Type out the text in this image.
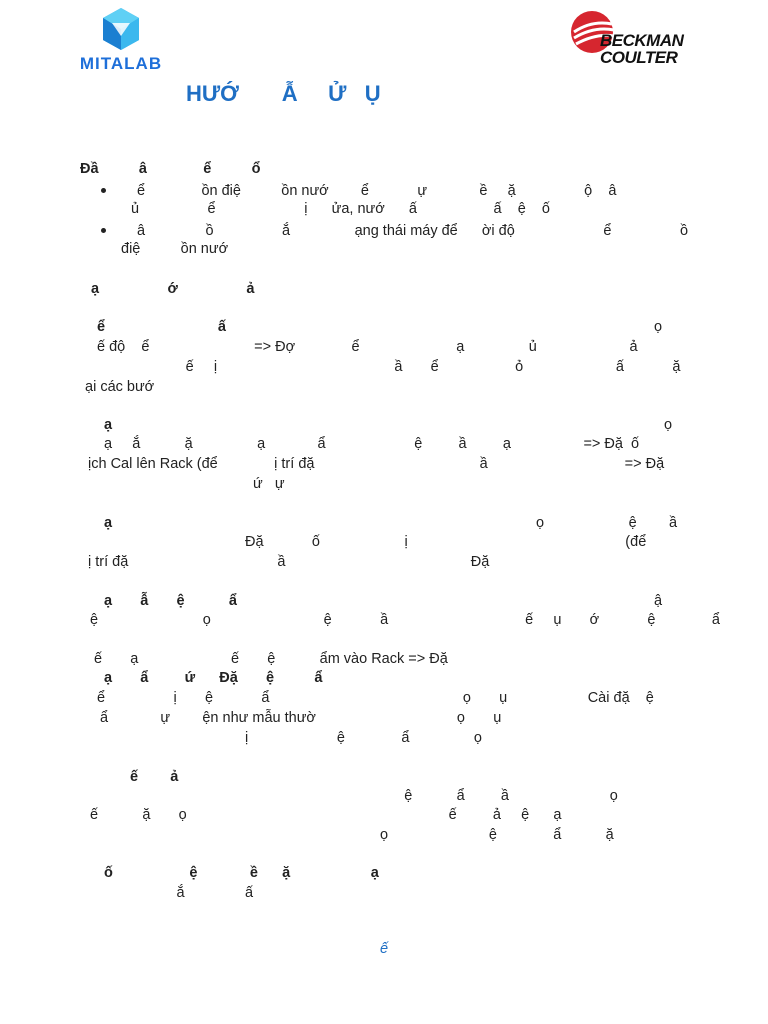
MITALAB
BECKMAN
COULTER
HƯỚ       Ẫ     Ử   Ụ
Đầ          â              ể          ổ
ể              ồn điệ          ồn nướ        ể            ự             ề     ặ                 ộ    â
ủ                 ể                      ị      ửa, nướ      ấ                   ấ    ệ    ố
â               ồ                 ắ                ạng thái máy để      ời độ                      ể                 ồ
điệ          ồn nướ
ạ                 ớ                 ả
ể                            ấ	ọ
ế độ    ể                          => Đợ              ể                        ạ                ủ                       ả
ế     ị                                            ầ       ể                   ỏ                       ấ            ặ
ại các bướ
ạ	ọ
ạ     ắ           ặ                ạ             ẩ                      ệ         ầ         ạ                  => Đặ  ố
ịch Cal lên Rack (để              ị trí đặ                                         ầ                                  => Đặ
ứ   ự
ạ	ọ                     ệ        ầ
Đặ            ố                     ị                                                      (để
ị trí đặ                                     ầ                                              Đặ
ạ       ẫ       ệ           ẩ	ậ
ệ                          ọ                            ệ            ầ                                  ế     ụ       ớ            ệ              ẩ
ế       ạ                       ế       ệ           ẩm vào Rack => Đặ
ạ       ẩ         ứ      Đặ       ệ          ẩ
ể                 ị       ệ            ẩ                                                ọ       ụ                    Cài đặ    ệ
ẩ             ự        ện như mẫu thườ                                   ọ       ụ
ị                      ệ              ẩ                ọ
ế        ả
ệ           ẩ         ầ                         ọ
ế           ặ       ọ                                                                 ế         ả     ệ      ạ
ọ                         ệ              ẩ           ặ
ố                   ệ             ề      ặ                    ạ
ắ               ấ
ế
